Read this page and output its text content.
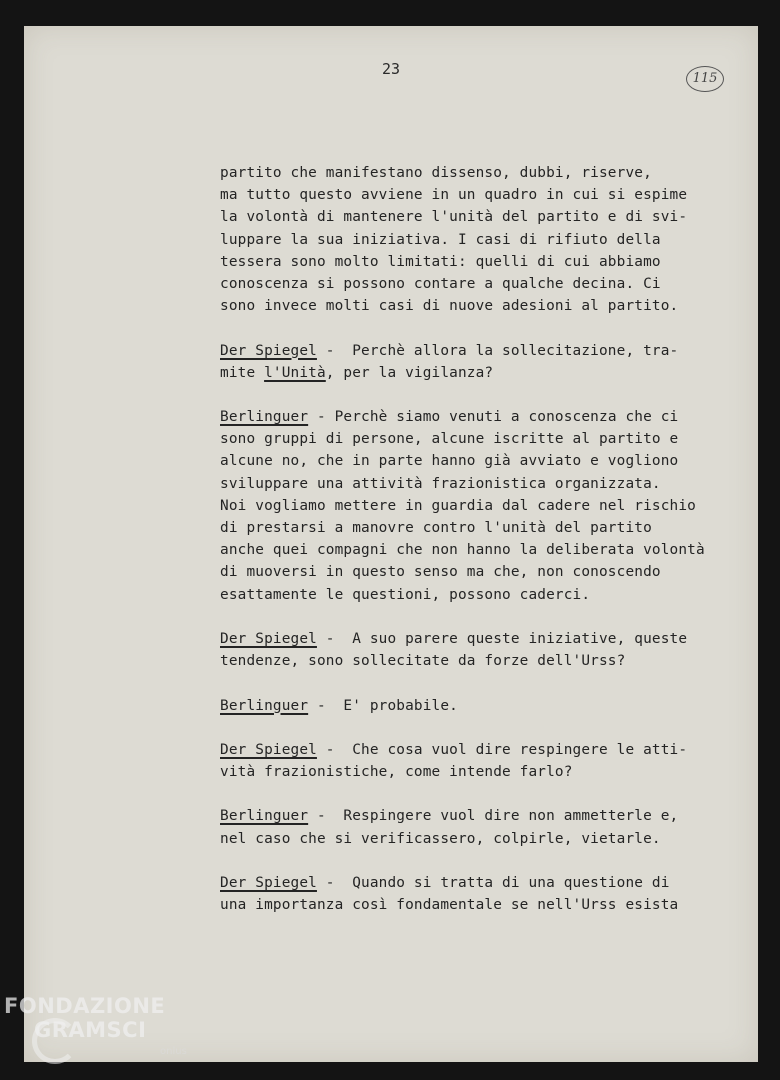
23
115
partito che manifestano dissenso, dubbi, riserve,
ma tutto questo avviene in un quadro in cui si espime
la volontà di mantenere l'unità del partito e di svi-
luppare la sua iniziativa. I casi di rifiuto della
tessera sono molto limitati: quelli di cui abbiamo
conoscenza si possono contare a qualche decina. Ci
sono invece molti casi di nuove adesioni al partito.
Der Spiegel -  Perchè allora la sollecitazione, tra-
mite l'Unità, per la vigilanza?
Berlinguer - Perchè siamo venuti a conoscenza che ci
sono gruppi di persone, alcune iscritte al partito e
alcune no, che in parte hanno già avviato e vogliono
sviluppare una attività frazionistica organizzata.
Noi vogliamo mettere in guardia dal cadere nel rischio
di prestarsi a manovre contro l'unità del partito
anche quei compagni che non hanno la deliberata volontà
di muoversi in questo senso ma che, non conoscendo
esattamente le questioni, possono caderci.
Der Spiegel -  A suo parere queste iniziative, queste
tendenze, sono sollecitate da forze dell'Urss?
Berlinguer -  E' probabile.
Der Spiegel -  Che cosa vuol dire respingere le atti-
vità frazionistiche, come intende farlo?
Berlinguer -  Respingere vuol dire non ammetterle e,
nel caso che si verificassero, colpirle, vietarle.
Der Spiegel -  Quando si tratta di una questione di
una importanza così fondamentale se nell'Urss esista
FONDAZIONE
GRAMSCI
onlus
